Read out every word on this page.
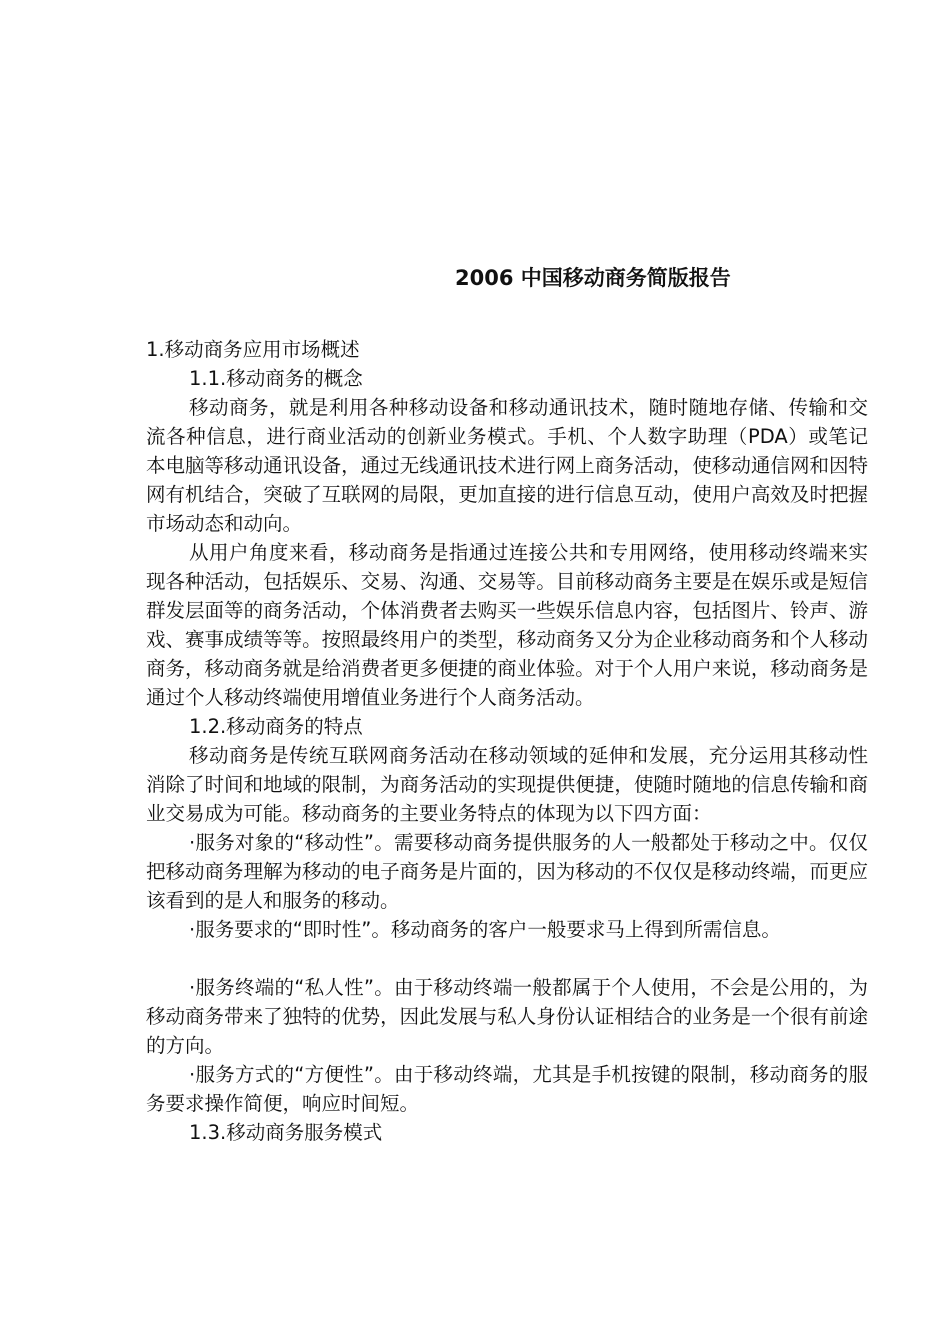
2006 中国移动商务简版报告

1.移动商务应用市场概述

1.1.移动商务的概念

移动商务，就是利用各种移动设备和移动通讯技术，随时随地存储、传输和交流各种信息，进行商业活动的创新业务模式。手机、个人数字助理（PDA）或笔记本电脑等移动通讯设备，通过无线通讯技术进行网上商务活动，使移动通信网和因特网有机结合，突破了互联网的局限，更加直接的进行信息互动，使用户高效及时把握市场动态和动向。

从用户角度来看，移动商务是指通过连接公共和专用网络，使用移动终端来实现各种活动，包括娱乐、交易、沟通、交易等。目前移动商务主要是在娱乐或是短信群发层面等的商务活动，个体消费者去购买一些娱乐信息内容，包括图片、铃声、游戏、赛事成绩等等。按照最终用户的类型，移动商务又分为企业移动商务和个人移动商务，移动商务就是给消费者更多便捷的商业体验。对于个人用户来说，移动商务是通过个人移动终端使用增值业务进行个人商务活动。

1.2.移动商务的特点

移动商务是传统互联网商务活动在移动领域的延伸和发展，充分运用其移动性消除了时间和地域的限制，为商务活动的实现提供便捷，使随时随地的信息传输和商业交易成为可能。移动商务的主要业务特点的体现为以下四方面：

·服务对象的“移动性”。需要移动商务提供服务的人一般都处于移动之中。仅仅把移动商务理解为移动的电子商务是片面的，因为移动的不仅仅是移动终端，而更应该看到的是人和服务的移动。

·服务要求的“即时性”。移动商务的客户一般要求马上得到所需信息。

·服务终端的“私人性”。由于移动终端一般都属于个人使用，不会是公用的，为移动商务带来了独特的优势，因此发展与私人身份认证相结合的业务是一个很有前途的方向。

·服务方式的“方便性”。由于移动终端，尤其是手机按键的限制，移动商务的服务要求操作简便，响应时间短。

1.3.移动商务服务模式
